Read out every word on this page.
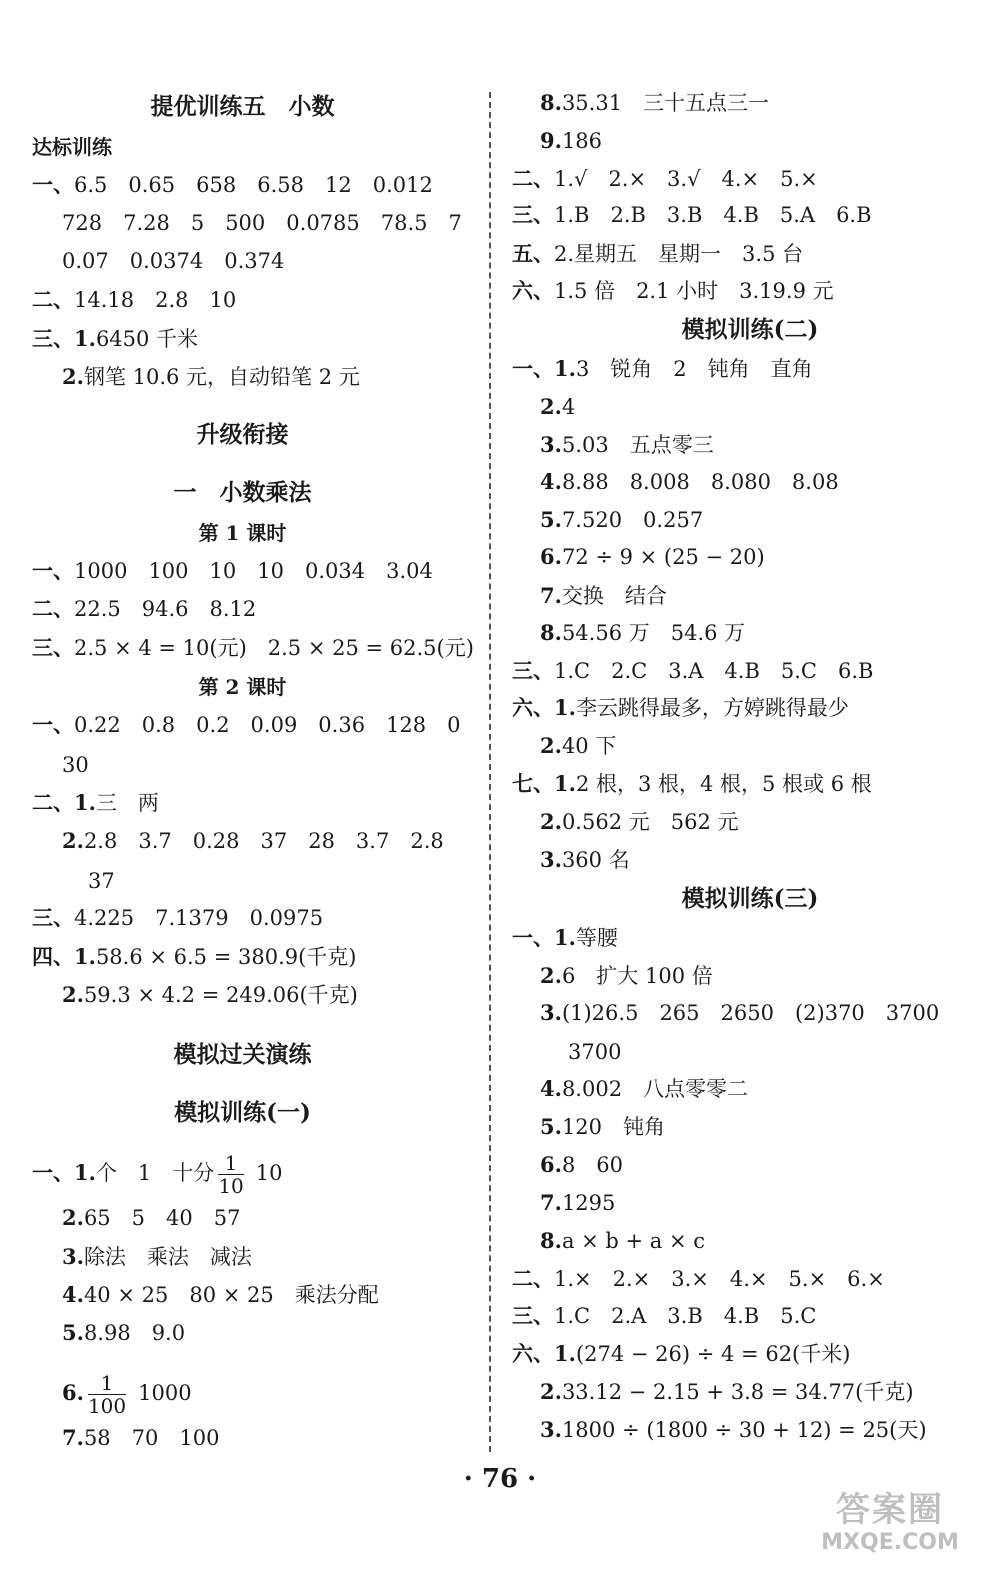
提优训练五　小数
达标训练
一、6.5　0.65　658　6.58　12　0.012
728　7.28　5　500　0.0785　78.5　7
0.07　0.0374　0.374
二、14.18　2.8　10
三、1.6450 千米
2.钢笔 10.6 元，自动铅笔 2 元
升级衔接
一　小数乘法
第 1 课时
一、1000　100　10　10　0.034　3.04
二、22.5　94.6　8.12
三、2.5 × 4 = 10(元)　2.5 × 25 = 62.5(元)
第 2 课时
一、0.22　0.8　0.2　0.09　0.36　128　0
30
二、1.三　两
2.2.8　3.7　0.28　37　28　3.7　2.8
37
三、4.225　7.1379　0.0975
四、1.58.6 × 6.5 = 380.9(千克)
2.59.3 × 4.2 = 249.06(千克)
模拟过关演练
模拟训练(一)
一、1.个　1　十分 $\frac{1}{10} 10$
2.65　5　40　57
3.除法　乘法　减法
4.40 × 25　80 × 25　乘法分配
5.8.98　9.0
6. $\frac{1}{100} 1000$
7.58　70　100
8.35.31　三十五点三一
9.186
二、1.√　2.×　3.√　4.×　5.×
三、1.B　2.B　3.B　4.B　5.A　6.B
五、2.星期五　星期一　3.5 台
六、1.5 倍　2.1 小时　3.19.9 元
模拟训练(二)
一、1.3　锐角　2　钝角　直角
2.4
3.5.03　五点零三
4.8.88　8.008　8.080　8.08
5.7.520　0.257
6.72 ÷ 9 × (25 − 20)
7.交换　结合
8.54.56 万　54.6 万
三、1.C　2.C　3.A　4.B　5.C　6.B
六、1.李云跳得最多，方婷跳得最少
2.40 下
七、1.2 根，3 根，4 根，5 根或 6 根
2.0.562 元　562 元
3.360 名
模拟训练(三)
一、1.等腰
2.6　扩大 100 倍
3.(1)26.5　265　2650　(2)370　3700
3700
4.8.002　八点零零二
5.120　钝角
6.8　60
7.1295
8.a × b + a × c
二、1.×　2.×　3.×　4.×　5.×　6.×
三、1.C　2.A　3.B　4.B　5.C
六、1.(274 − 26) ÷ 4 = 62(千米)
2.33.12 − 2.15 + 3.8 = 34.77(千克)
3.1800 ÷ (1800 ÷ 30 + 12) = 25(天)
· 76 ·
答案圈
MXQE.COM
